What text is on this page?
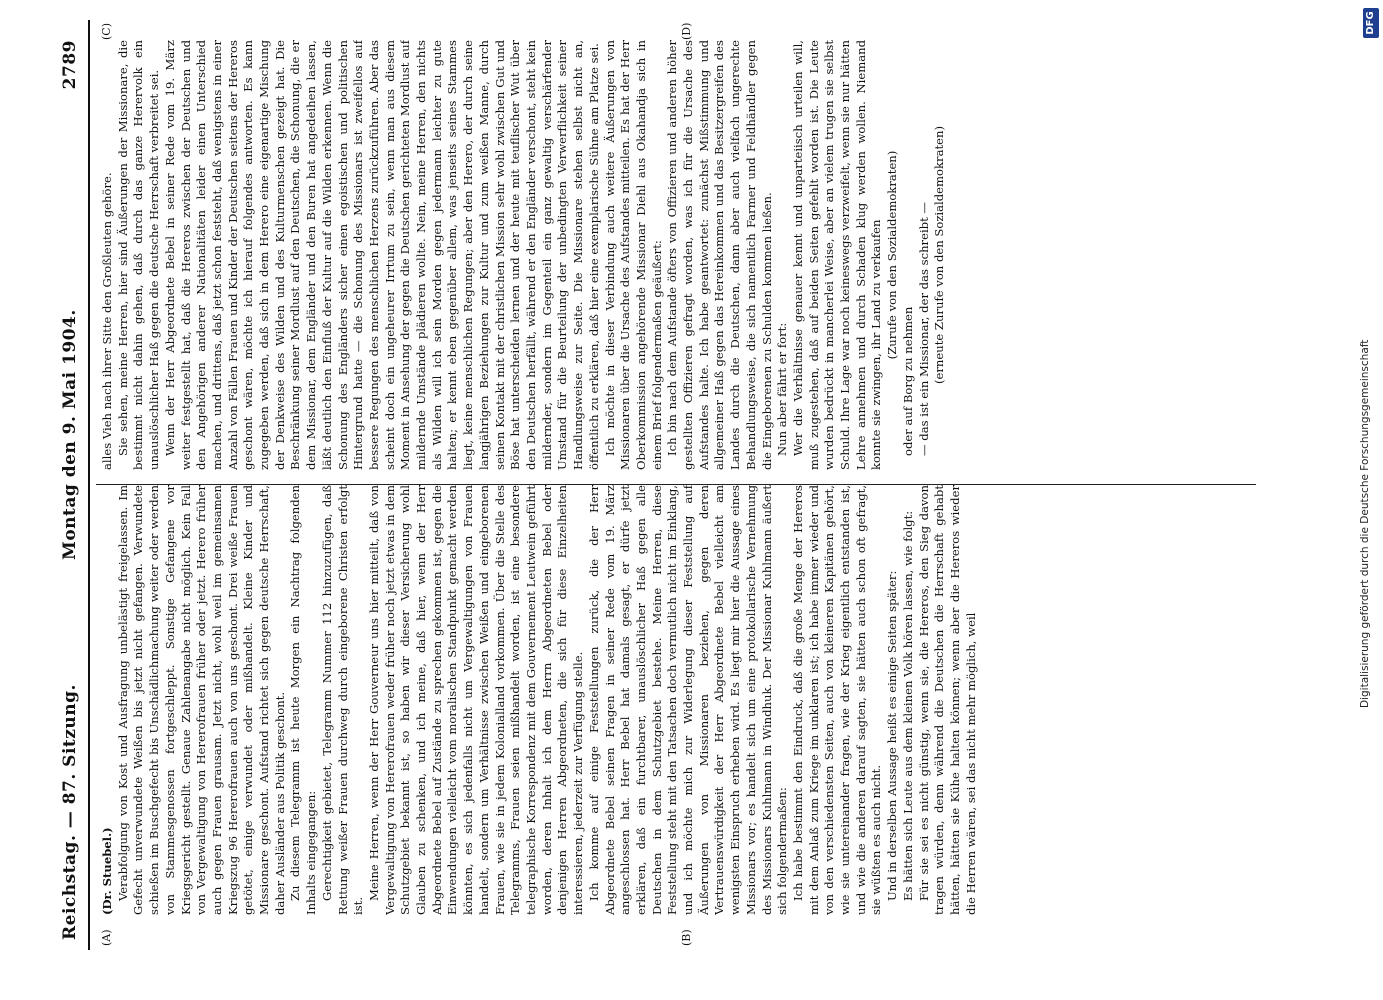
Reichstag. — 87. Sitzung.
Montag den 9. Mai 1904.
2789
(A)	(B)
(C)	(D)

(Dr. Stuebel.) Verabfolgung von Kost und Ausfragung unbelästigt freigelassen. Im Gefecht unverwundete Weißen bis jetzt nicht gefangen. Verwundete schießen im Buschgefecht bis Unschädlichmachung weiter oder werden von Stammesgenossen fortgeschleppt. Sonstige Gefangene vor Kriegsgericht gestellt. Genaue Zahlenangabe nicht möglich. Kein Fall von Vergewaltigung von Hererofrauen früher oder jetzt. Herero früher auch gegen Frauen grausam. Jetzt nicht, wohl weil im gemeinsamen Kriegszug 96 Hererofrauen auch von uns geschont. Drei weiße Frauen getötet, einige verwundet oder mißhandelt. Kleine Kinder und Missionare geschont. Aufstand richtet sich gegen deutsche Herrschaft, daher Ausländer aus Politik geschont. Zu diesem Telegramm ist heute Morgen ein Nachtrag folgenden Inhalts eingegangen: Gerechtigkeit gebietet, Telegramm Nummer 112 hinzuzufügen, daß Rettung weißer Frauen durchweg durch eingeborene Christen erfolgt ist.

Meine Herren, wenn der Herr Gouverneur uns hier mitteilt, daß von Vergewaltigung von Hererofrauen weder früher noch jetzt etwas in dem Schutzgebiet bekannt ist, so haben wir dieser Versicherung wohl Glauben zu schenken, und ich meine, daß hier, wenn der Herr Abgeordnete Bebel auf Zustände zu sprechen gekommen ist, gegen die Einwendungen vielleicht vom moralischen Standpunkt gemacht werden könnten, es sich jedenfalls nicht um Vergewaltigungen von Frauen handelt, sondern um Verhältnisse zwischen Weißen und eingeborenen Frauen, wie sie in jedem Kolonialland vorkommen. Über die Stelle des Telegramms, Frauen seien mißhandelt worden, ist eine besondere telegraphische Korrespondenz mit dem Gouvernement Leutwein geführt worden, deren Inhalt ich dem Herrn Abgeordneten Bebel oder denjenigen Herren Abgeordneten, die sich für diese Einzelheiten interessieren, jederzeit zur Verfügung stelle. Ich komme auf einige Feststellungen zurück, die der Herr Abgeordnete Bebel seinen Fragen in seiner Rede vom 19. März angeschlossen hat. Herr Bebel hat damals gesagt, er dürfe jetzt erklären, daß ein furchtbarer, unauslöschlicher Haß gegen alle Deutschen in dem Schutzgebiet bestehe. Meine Herren, diese Feststellung steht mit den Tatsachen doch vermutlich nicht im Einklang, und ich möchte mich zur Widerlegung dieser Feststellung auf Äußerungen von Missionaren beziehen, gegen deren Vertrauenswürdigkeit der Herr Abgeordnete Bebel vielleicht am wenigsten Einspruch erheben wird. Es liegt mir hier die Aussage eines Missionars vor; es handelt sich um eine protokollarische Vernehmung des Missionars Kuhlmann in Windhuk. Der Missionar Kuhlmann äußert sich folgendermaßen: Ich habe bestimmt den Eindruck, daß die große Menge der Hereros mit dem Anlaß zum Kriege im unklaren ist; ich habe immer wieder und von den verschiedensten Seiten, auch von kleineren Kapitänen gehört, wie sie untereinander fragen, wie der Krieg eigentlich entstanden ist, und wie die anderen darauf sagten, sie hätten auch schon oft gefragt, sie wüßten es auch nicht. Und in derselben Aussage heißt es einige Seiten später: Es hätten sich Leute aus dem kleinen Volk hören lassen, wie folgt: Für sie sei es nicht günstig, wenn sie, die Hereros, den Sieg davon tragen würden, denn während die Deutschen die Herrschaft gehabt hätten, hätten sie Kühe halten können; wenn aber die Hereros wieder die Herren wären, sei das nicht mehr möglich, weil

alles Vieh nach ihrer Sitte den Großleuten gehöre. Sie sehen, meine Herren, hier sind Äußerungen der Missionare, die bestimmt nicht dahin gehen, daß durch das ganze Herervolk ein unauslöschlicher Haß gegen die deutsche Herrschaft verbreitet sei. Wenn der Herr Abgeordnete Bebel in seiner Rede vom 19. März weiter festgestellt hat, daß die Hereros zwischen der Deutschen und den Angehörigen anderer Nationalitäten leider einen Unterschied machen, und drittens, daß jetzt schon feststeht, daß wenigstens in einer Anzahl von Fällen Frauen und Kinder der Deutschen seitens der Hereros geschont wären, möchte ich hierauf folgendes antworten. Es kann zugegeben werden, daß sich in dem Herero eine eigenartige Mischung der Denkweise des Wilden und des Kulturmenschen gezeigt hat. Die Beschränkung seiner Mordlust auf den Deutschen, die Schonung, die er dem Missionar, dem Engländer und den Buren hat angedeihen lassen, läßt deutlich den Einfluß der Kultur auf die Wilden erkennen. Wenn die Schonung des Engländers sicher einen egoistischen und politischen Hintergrund hatte — die Schonung des Missionars ist zweifellos auf bessere Regungen des menschlichen Herzens zurückzuführen. Aber das scheint doch ein ungeheurer Irrtum zu sein, wenn man aus diesem Moment in Ansehung der gegen die Deutschen gerichteten Mordlust auf mildernde Umstände plädieren wollte. Nein, meine Herren, den nichts als Wilden will ich sein Morden gegen jedermann leichter zu gute halten; er kennt eben gegenüber allem, was jenseits seines Stammes liegt, keine menschlichen Regungen; aber den Herero, der durch seine langjährigen Beziehungen zur Kultur und zum weißen Manne, durch seinen Kontakt mit der christlichen Mission sehr wohl zwischen Gut und Böse hat unterscheiden lernen und der heute mit teuflischer Wut über den Deutschen herfällt, während er den Engländer verschont, steht kein mildernder, sondern im Gegenteil ein ganz gewaltig verschärfender Umstand für die Beurteilung der unbedingten Verwerflichkeit seiner Handlungsweise zur Seite. Die Missionare stehen selbst nicht an, öffentlich zu erklären, daß hier eine exemplarische Sühne am Platze sei. Ich möchte in dieser Verbindung auch weitere Äußerungen von Missionaren über die Ursache des Aufstandes mitteilen. Es hat der Herr Oberkommission angehörende Missionar Diehl aus Okahandja sich in einem Brief folgendermaßen geäußert: Ich bin nach dem Aufstande öfters von Offizieren und anderen höher gestellten Offizieren gefragt worden, was ich für die Ursache des Aufstandes halte. Ich habe geantwortet: zunächst Mißstimmung und allgemeiner Haß gegen das Hereinkommen und das Besitzergreifen des Landes durch die Deutschen, dann aber auch vielfach ungerechte Behandlungsweise, die sich namentlich Farmer und Feldhändler gegen die Eingeborenen zu Schulden kommen ließen. Nun aber fährt er fort: Wer die Verhältnisse genauer kennt und unparteiisch urteilen will, muß zugestehen, daß auf beiden Seiten gefehlt worden ist. Die Leute wurden bedrückt in mancherlei Weise, aber an vielem trugen sie selbst Schuld. Ihre Lage war noch keineswegs verzweifelt, wenn sie nur hätten Lehre annehmen und durch Schaden klug werden wollen. Niemand konnte sie zwingen, ihr Land zu verkaufen (Zurufe von den Sozialdemokraten)

oder auf Borg zu nehmen — das ist ein Missionar, der das schreibt — (erneute Zurufe von den Sozialdemokraten)

Digitalisierung gefördert durch die Deutsche Forschungsgemeinschaft
DFG
